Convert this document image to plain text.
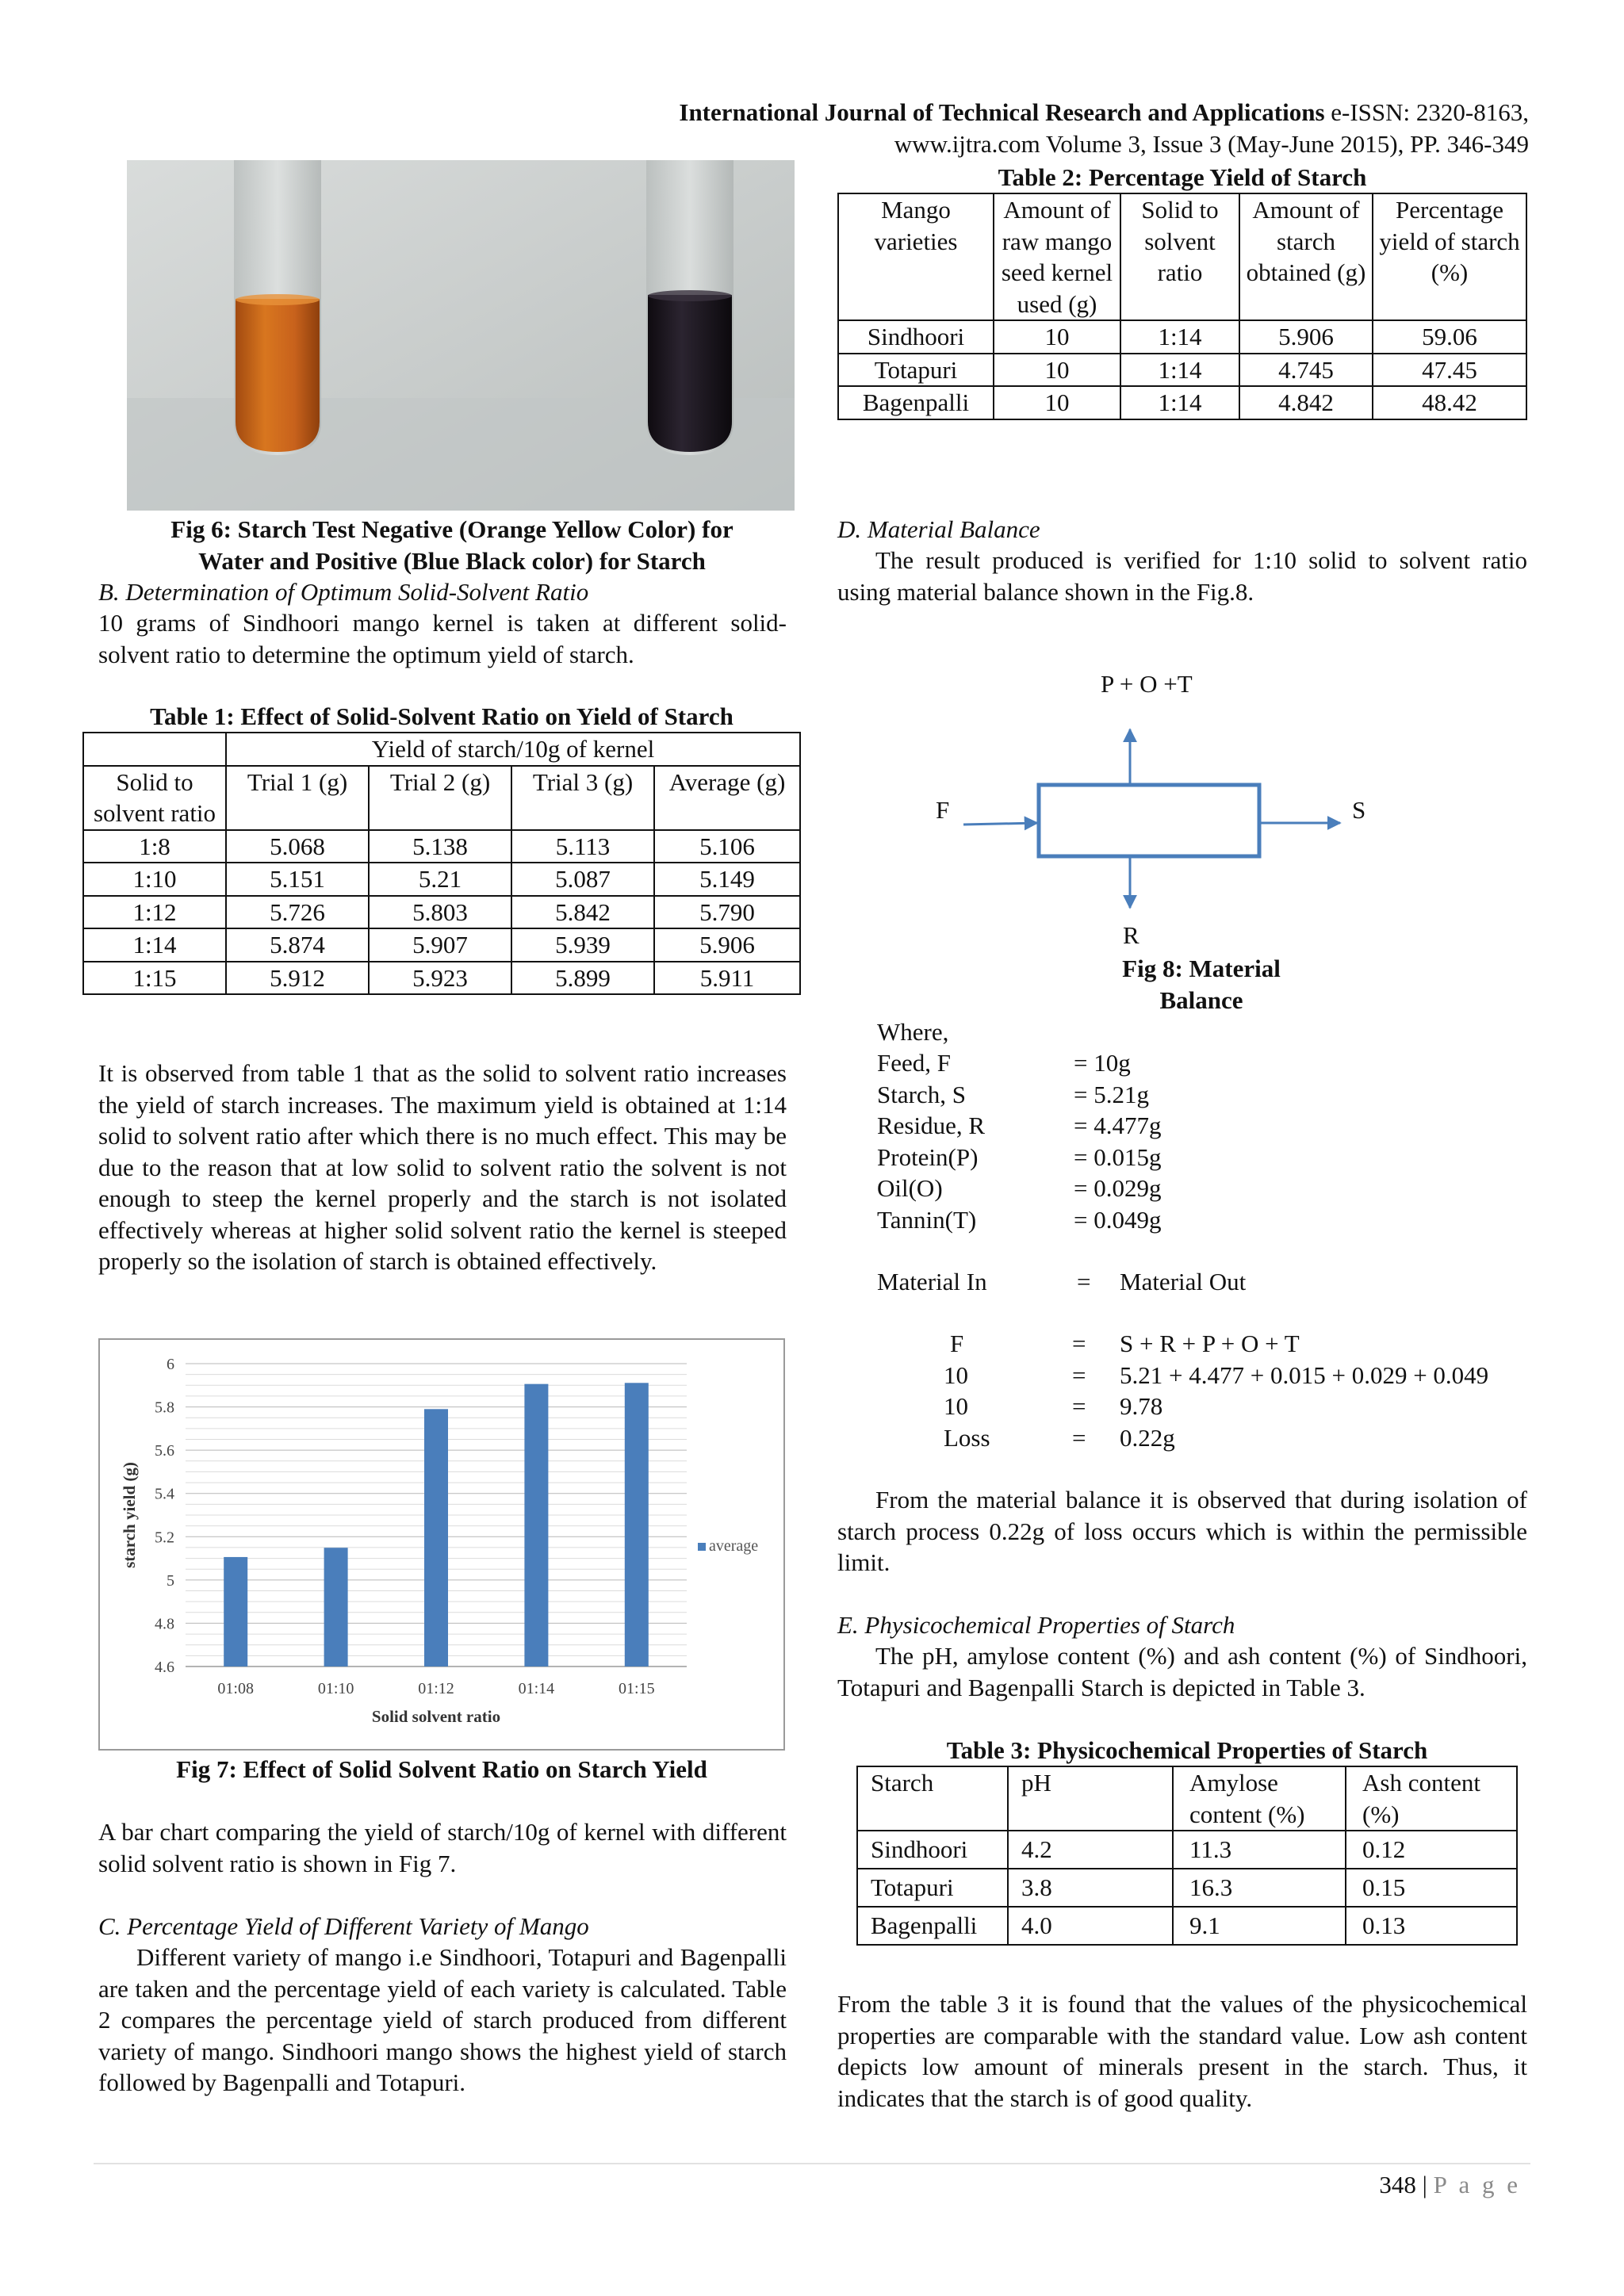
International Journal of Technical Research and Applications e-ISSN: 2320-8163,
www.ijtra.com Volume 3, Issue 3 (May-June 2015), PP. 346-349
Fig 6: Starch Test Negative (Orange Yellow Color) for
Water and Positive (Blue Black color) for Starch
B. Determination of Optimum Solid-Solvent Ratio
10 grams of Sindhoori mango kernel is taken at different solid-solvent ratio to determine the optimum yield of starch.
Table 1: Effect of Solid-Solvent Ratio on Yield of Starch
	Yield of starch/10g of kernel			
Solid to solvent ratio	Trial 1 (g)	Trial 2 (g)	Trial 3 (g)	Average (g)
1:8	5.068	5.138	5.113	5.106
1:10	5.151	5.21	5.087	5.149
1:12	5.726	5.803	5.842	5.790
1:14	5.874	5.907	5.939	5.906
1:15	5.912	5.923	5.899	5.911
It is observed from table 1 that as the solid to solvent ratio increases the yield of starch increases. The maximum yield is obtained at 1:14 solid to solvent ratio after which there is no much effect. This may be due to the reason that at low solid to solvent ratio the solvent is not enough to steep the kernel properly and the starch is not isolated effectively whereas at higher solid solvent ratio the kernel is steeped properly so the isolation of starch is obtained effectively.
4.6
4.8
5
5.2
5.4
5.6
5.8
6
01:08	01:10	01:12	01:14	01:15
Solid solvent ratio
starch yield (g)	average
Fig 7: Effect of Solid Solvent Ratio on Starch Yield
A bar chart comparing the yield of starch/10g of kernel with different solid solvent ratio is shown in Fig 7.
C. Percentage Yield of Different Variety of Mango
Different variety of mango i.e Sindhoori, Totapuri and Bagenpalli are taken and the percentage yield of each variety is calculated. Table 2 compares the percentage yield of starch produced from different variety of mango. Sindhoori mango shows the highest yield of starch followed by Bagenpalli and Totapuri.
Table 2: Percentage Yield of Starch
Mango varieties	Amount of raw mango seed kernel used (g)	Solid to solvent ratio	Amount of starch obtained (g)	Percentage yield of starch (%)
Sindhoori	10	1:14	5.906	59.06
Totapuri	10	1:14	4.745	47.45
Bagenpalli	10	1:14	4.842	48.42
D. Material Balance
The result produced is verified for 1:10 solid to solvent ratio using material balance shown in the Fig.8.
P + O +T
F	S
R
Fig 8: Material Balance
Where,
Feed, F	= 10g
Starch, S	= 5.21g
Residue, R	= 4.477g
Protein(P)	= 0.015g
Oil(O)	= 0.029g
Tannin(T)	= 0.049g
Material In	= Material Out
F	= S + R + P + O + T
10	= 5.21 + 4.477 + 0.015 + 0.029 + 0.049
10	= 9.78
Loss	= 0.22g
From the material balance it is observed that during isolation of starch process 0.22g of loss occurs which is within the permissible limit.
E. Physicochemical Properties of Starch
The pH, amylose content (%) and ash content (%) of Sindhoori, Totapuri and Bagenpalli Starch is depicted in Table 3.
Table 3: Physicochemical Properties of Starch
Starch	pH	Amylose content (%)	Ash content (%)
Sindhoori	4.2	11.3	0.12
Totapuri	3.8	16.3	0.15
Bagenpalli	4.0	9.1	0.13
From the table 3 it is found that the values of the physicochemical properties are comparable with the standard value. Low ash content depicts low amount of minerals present in the starch. Thus, it indicates that the starch is of good quality.
348 | P a g e
